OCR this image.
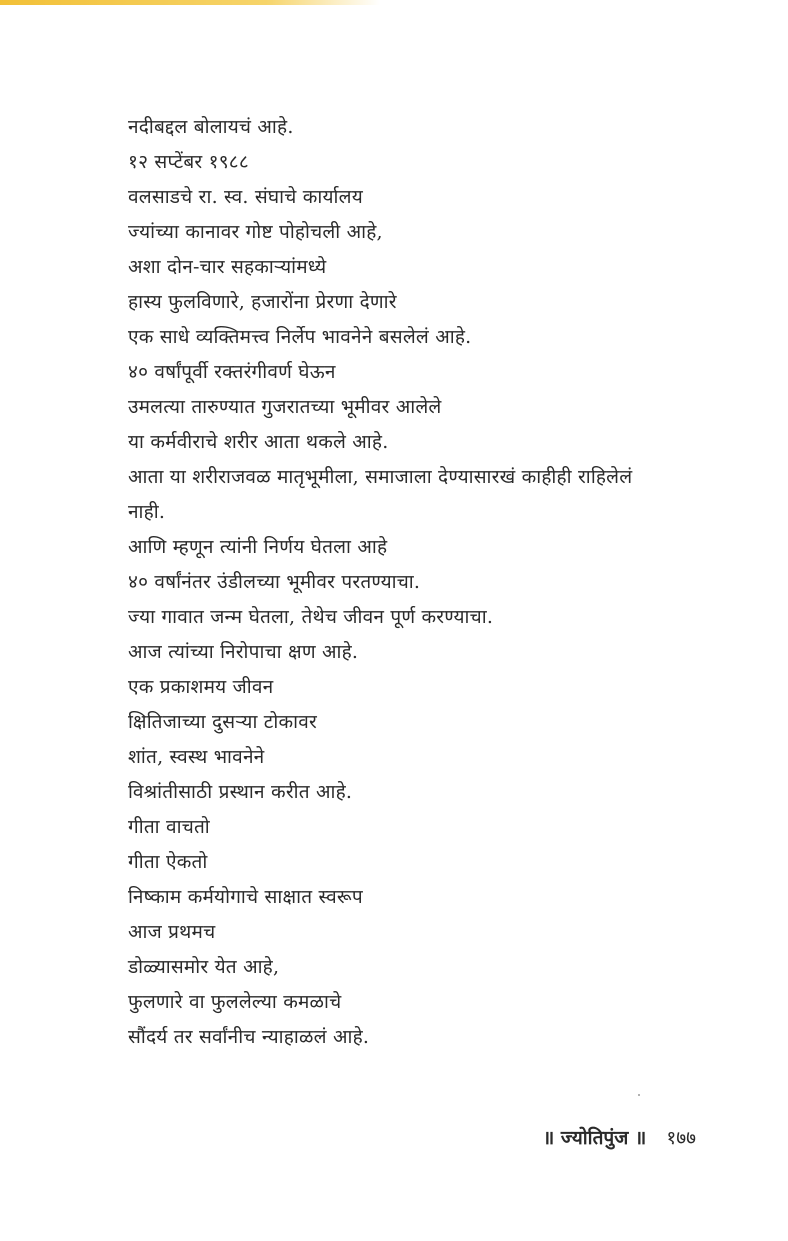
नदीबद्दल बोलायचं आहे.
१२ सप्टेंबर १९८८
वलसाडचे रा. स्व. संघाचे कार्यालय
ज्यांच्या कानावर गोष्ट पोहोचली आहे,
अशा दोन-चार सहकाऱ्यांमध्ये
हास्य फुलविणारे, हजारोंना प्रेरणा देणारे
एक साधे व्यक्तिमत्त्व निर्लेप भावनेने बसलेलं आहे.
४० वर्षांपूर्वी रक्तरंगीवर्ण घेऊन
उमलत्या तारुण्यात गुजरातच्या भूमीवर आलेले
या कर्मवीराचे शरीर आता थकले आहे.
आता या शरीराजवळ मातृभूमीला, समाजाला देण्यासारखं काहीही राहिलेलं
नाही.
आणि म्हणून त्यांनी निर्णय घेतला आहे
४० वर्षांनंतर उंडीलच्या भूमीवर परतण्याचा.
ज्या गावात जन्म घेतला, तेथेच जीवन पूर्ण करण्याचा.
आज त्यांच्या निरोपाचा क्षण आहे.
एक प्रकाशमय जीवन
क्षितिजाच्या दुसऱ्या टोकावर
शांत, स्वस्थ भावनेने
विश्रांतीसाठी प्रस्थान करीत आहे.
गीता वाचतो
गीता ऐकतो
निष्काम कर्मयोगाचे साक्षात स्वरूप
आज प्रथमच
डोळ्यासमोर येत आहे,
फुलणारे वा फुललेल्या कमळाचे
सौंदर्य तर सर्वांनीच न्याहाळलं आहे.
॥ ज्योतिपुंज ॥ १७७
